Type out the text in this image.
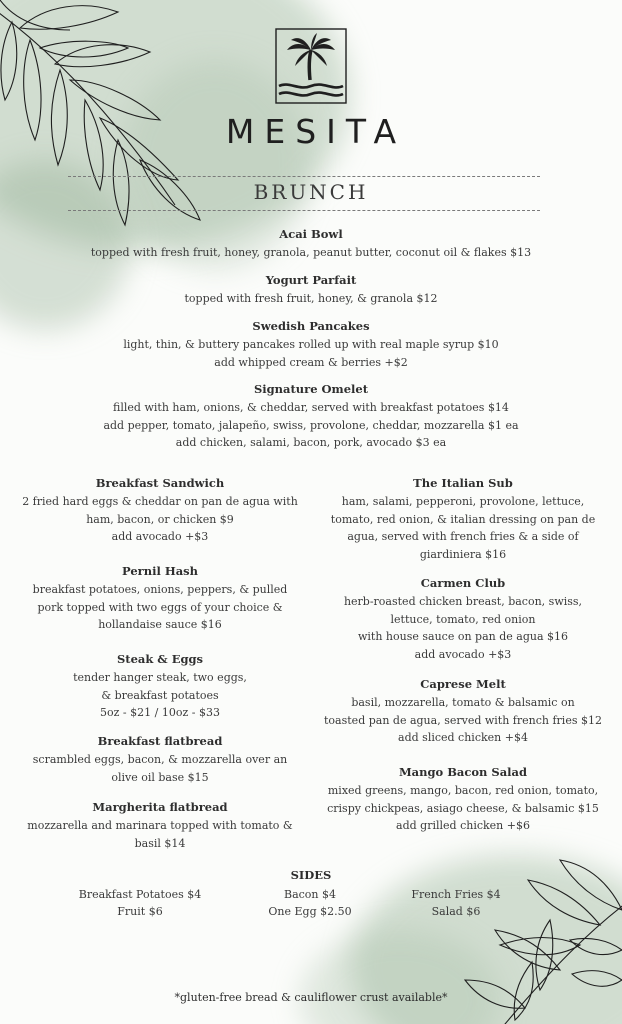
MESITA
BRUNCH
Acai Bowl
topped with fresh fruit, honey, granola, peanut butter, coconut oil & flakes $13
Yogurt Parfait
topped with fresh fruit, honey, & granola $12
Swedish Pancakes
light, thin, & buttery pancakes rolled up with real maple syrup $10
add whipped cream & berries +$2
Signature Omelet
filled with ham, onions, & cheddar, served with breakfast potatoes $14
add pepper, tomato, jalapeño, swiss, provolone, cheddar, mozzarella $1 ea
add chicken, salami, bacon, pork, avocado $3 ea
Breakfast Sandwich
2 fried hard eggs & cheddar on pan de agua with
ham, bacon, or chicken $9
add avocado +$3
Pernil Hash
breakfast potatoes, onions, peppers, & pulled
pork topped with two eggs of your choice &
hollandaise sauce $16
Steak & Eggs
tender hanger steak, two eggs,
& breakfast potatoes
5oz - $21 / 10oz - $33
Breakfast flatbread
scrambled eggs, bacon, & mozzarella over an
olive oil base $15
Margherita flatbread
mozzarella and marinara topped with tomato &
basil $14
The Italian Sub
ham, salami, pepperoni, provolone, lettuce,
tomato, red onion, & italian dressing on pan de
agua, served with french fries & a side of
giardiniera $16
Carmen Club
herb-roasted chicken breast, bacon, swiss,
lettuce, tomato, red onion
with house sauce on pan de agua $16
add avocado +$3
Caprese Melt
basil, mozzarella, tomato & balsamic on
toasted pan de agua, served with french fries $12
add sliced chicken +$4
Mango Bacon Salad
mixed greens, mango, bacon, red onion, tomato,
crispy chickpeas, asiago cheese, & balsamic $15
add grilled chicken +$6
SIDES
Breakfast Potatoes $4
Fruit $6
Bacon $4
One Egg $2.50
French Fries $4
Salad $6
*gluten-free bread & cauliflower crust available*
